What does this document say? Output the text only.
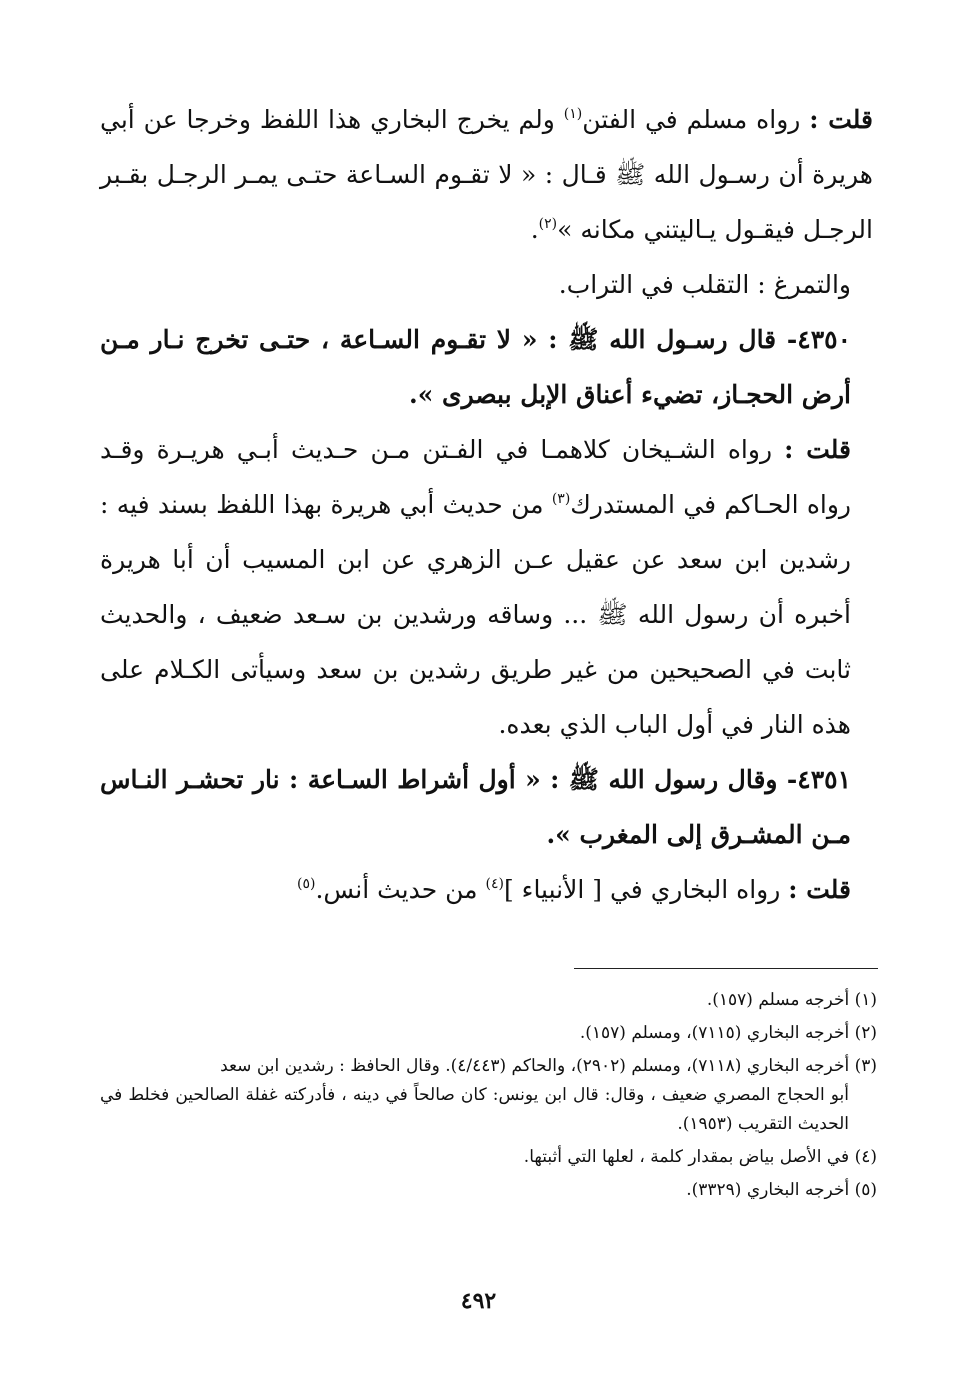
قلت : رواه مسلم في الفتن$^{(١)}$ ولم يخرج البخاري هذا اللفظ وخرجا عن أبي هريرة أن رسـول الله ﷺ قـال : « لا تقـوم السـاعة حتـى يمـر الرجـل بقـبر الرجـل فيقـول يـاليتني مكانه »$^{(٢)}$.

والتمرغ : التقلب في التراب.

٤٣٥٠- قال رسـول الله ﷺ : « لا تقـوم السـاعة ، حتـى تخرج نـار مـن أرض الحجـاز، تضيء أعناق الإبل ببصرى ».

قلت : رواه الشـيخان كلاهمـا في الفـتن مـن حـديث أبـي هريـرة وقـد رواه الحـاكم في المستدرك$^{(٣)}$ من حديث أبي هريرة بهذا اللفظ بسند فيه : رشدين ابن سعد عن عقيل عـن الزهري عن ابن المسيب أن أبا هريرة أخبره أن رسول الله ﷺ ... وساقه ورشدين بن سـعد ضعيف ، والحديث ثابت في الصحيحين من غير طريق رشدين بن سعد وسيأتى الكـلام على هذه النار في أول الباب الذي بعده.

٤٣٥١- وقال رسول الله ﷺ : « أول أشراط السـاعة : نار تحشـر النـاس مـن المشـرق إلى المغرب ».

قلت : رواه البخاري في [ الأنبياء ]$^{(٤)}$ من حديث أنس.$^{(٥)}$

(١) أخرجه مسلم (١٥٧).

(٢) أخرجه البخاري (٧١١٥)، ومسلم (١٥٧).

(٣) أخرجه البخاري (٧١١٨)، ومسلم (٢٩٠٢)، والحاكم (٤/٤٤٣). وقال الحافظ : رشدين ابن سعد
أبو الحجاج المصري ضعيف ، وقال: قال ابن يونس: كان صالحاً في دينه ، فأدركته غفلة الصالحين فخلط في الحديث التقريب (١٩٥٣).

(٤) في الأصل بياض بمقدار كلمة ، لعلها التي أثبتها.

(٥) أخرجه البخاري (٣٣٢٩).

٤٩٢
